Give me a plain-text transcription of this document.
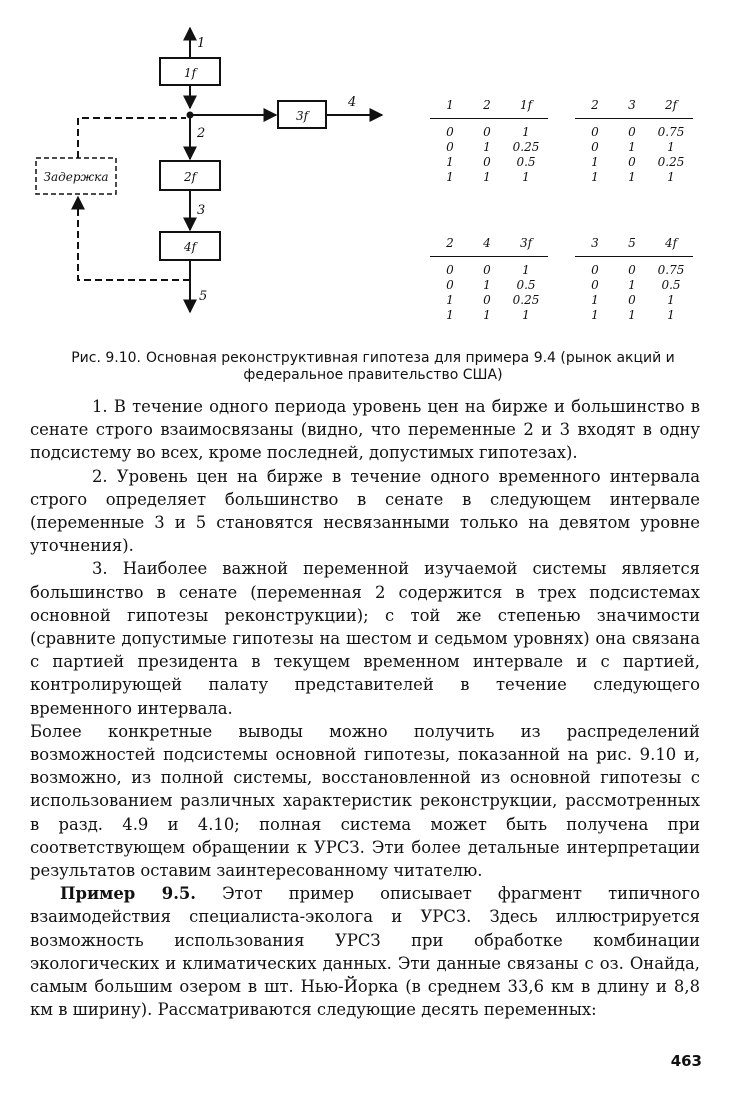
1f
2f
4f
3f
Задержка
1
2
3
4
5
1	2	1f
0	0	1
0	1	0.25
1	0	0.5
1	1	1
2	3	2f
0	0	0.75
0	1	1
1	0	0.25
1	1	1
2	4	3f
0	0	1
0	1	0.5
1	0	0.25
1	1	1
3	5	4f
0	0	0.75
0	1	0.5
1	0	1
1	1	1
Рис. 9.10. Основная реконструктивная гипотеза для примера 9.4 (рынок акций и федеральное правительство США)

1. В течение одного периода уровень цен на бирже и большинство в сенате строго взаимосвязаны (видно, что переменные 2 и 3 входят в одну подсистему во всех, кроме последней, допустимых гипотезах).

2. Уровень цен на бирже в течение одного временного интервала строго определяет большинство в сенате в следующем интервале (переменные 3 и 5 становятся несвязанными только на девятом уровне уточнения).

3. Наиболее важной переменной изучаемой системы является большинство в сенате (переменная 2 содержится в трех подсистемах основной гипотезы реконструкции); с той же степенью значимости (сравните допустимые гипотезы на шестом и седьмом уровнях) она связана с партией президента в текущем временном интервале и с партией, контролирующей палату представителей в течение следующего временного интервала.

Более конкретные выводы можно получить из распределений возможностей подсистемы основной гипотезы, показанной на рис. 9.10 и, возможно, из полной системы, восстановленной из основной гипотезы с использованием различных характеристик реконструкции, рассмотренных в разд. 4.9 и 4.10; полная система может быть получена при соответствующем обращении к УРСЗ. Эти более детальные интерпретации результатов оставим заинтересованному читателю.

Пример 9.5. Этот пример описывает фрагмент типичного взаимодействия специалиста-эколога и УРСЗ. Здесь иллюстрируется возможность использования УРСЗ при обработке комбинации экологических и климатических данных. Эти данные связаны с оз. Онайда, самым большим озером в шт. Нью-Йорка (в среднем 33,6 км в длину и 8,8 км в ширину). Рассматриваются следующие десять переменных:

463
